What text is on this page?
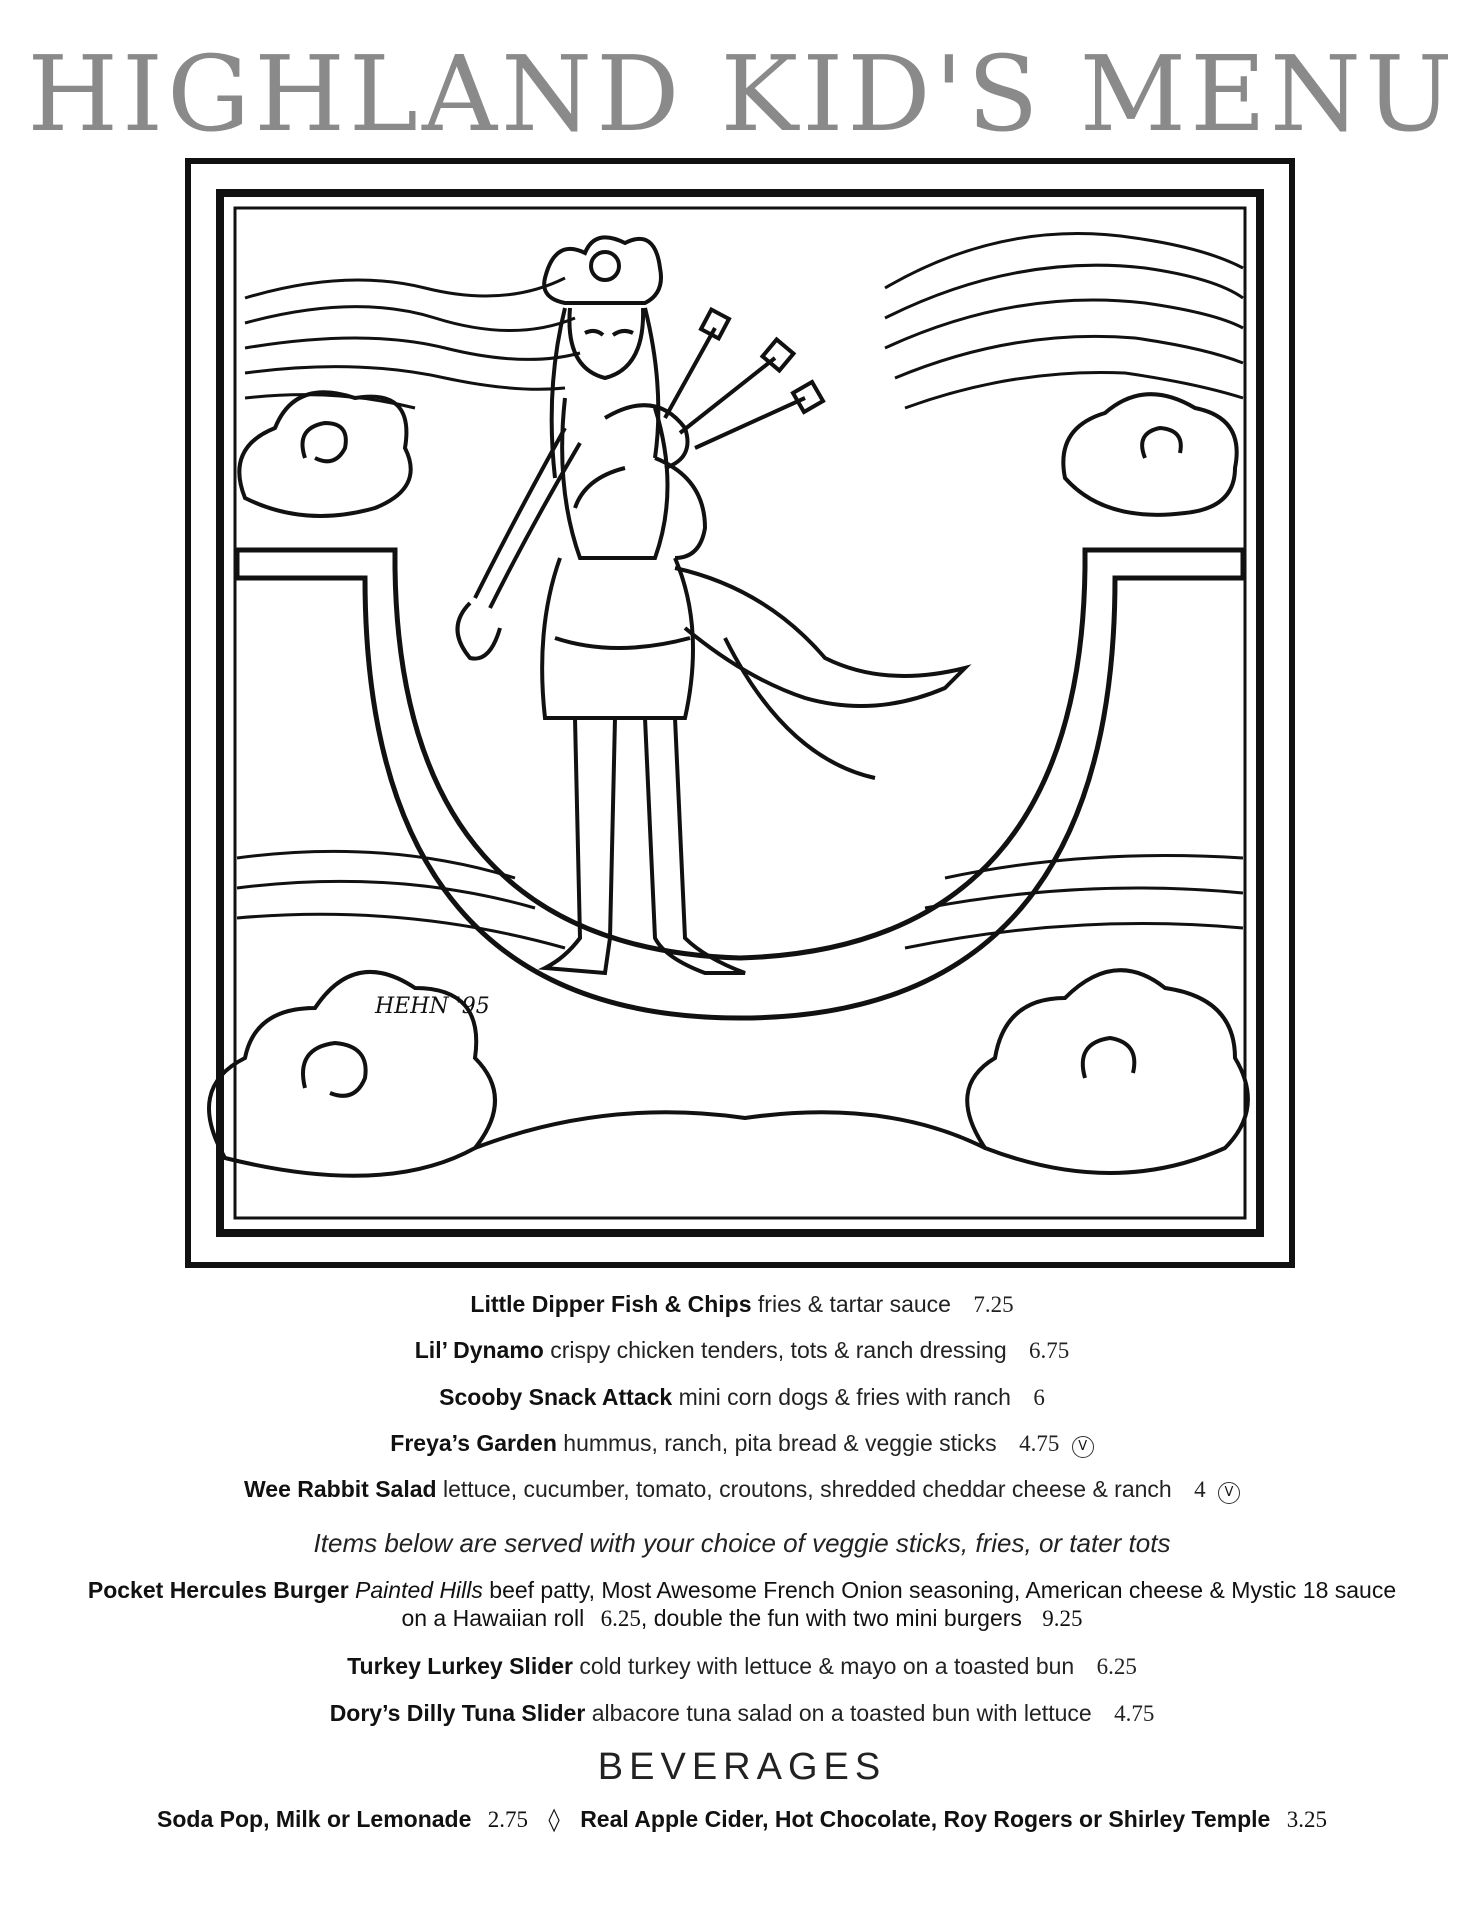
HIGHLAND KID'S MENU
HEHN '95
Little Dipper Fish & Chips fries & tartar sauce 7.25
Lil’ Dynamo crispy chicken tenders, tots & ranch dressing 6.75
Scooby Snack Attack mini corn dogs & fries with ranch 6
Freya’s Garden hummus, ranch, pita bread & veggie sticks 4.75 V
Wee Rabbit Salad lettuce, cucumber, tomato, croutons, shredded cheddar cheese & ranch 4 V
Items below are served with your choice of veggie sticks, fries, or tater tots
Pocket Hercules Burger Painted Hills beef patty, Most Awesome French Onion seasoning, American cheese & Mystic 18 sauce
on a Hawaiian roll 6.25, double the fun with two mini burgers 9.25
Turkey Lurkey Slider cold turkey with lettuce & mayo on a toasted bun 6.25
Dory’s Dilly Tuna Slider albacore tuna salad on a toasted bun with lettuce 4.75
BEVERAGES
Soda Pop, Milk or Lemonade 2.75 ◊ Real Apple Cider, Hot Chocolate, Roy Rogers or Shirley Temple 3.25
